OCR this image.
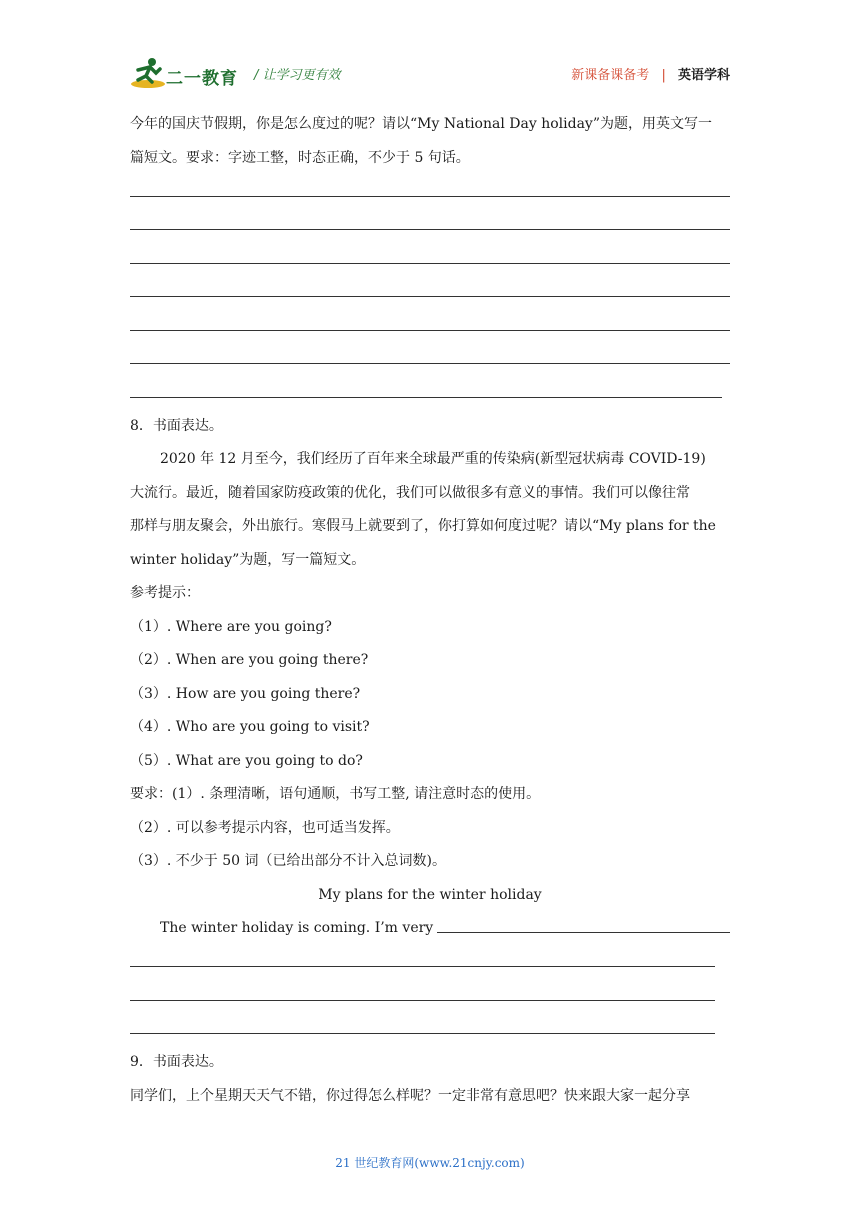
二一教育 / 让学习更有效	新课备课备考 | 英语学科
今年的国庆节假期，你是怎么度过的呢？请以“My National Day holiday”为题，用英文写一
篇短文。要求：字迹工整，时态正确，不少于 5 句话。
8．书面表达。
2020 年 12 月至今，我们经历了百年来全球最严重的传染病(新型冠状病毒 COVID-19)
大流行。最近，随着国家防疫政策的优化，我们可以做很多有意义的事情。我们可以像往常
那样与朋友聚会，外出旅行。寒假马上就要到了，你打算如何度过呢？请以“My plans for the
winter holiday”为题，写一篇短文。
参考提示：
（1）. Where are you going?
（2）. When are you going there?
（3）. How are you going there?
（4）. Who are you going to visit?
（5）. What are you going to do?
要求：(1）. 条理清晰，语句通顺，书写工整, 请注意时态的使用。
（2）. 可以参考提示内容，也可适当发挥。
（3）. 不少于 50 词（已给出部分不计入总词数)。
My plans for the winter holiday
The winter holiday is coming. I’m very
9．书面表达。
同学们，上个星期天天气不错，你过得怎么样呢？一定非常有意思吧？快来跟大家一起分享
21 世纪教育网(www.21cnjy.com)
